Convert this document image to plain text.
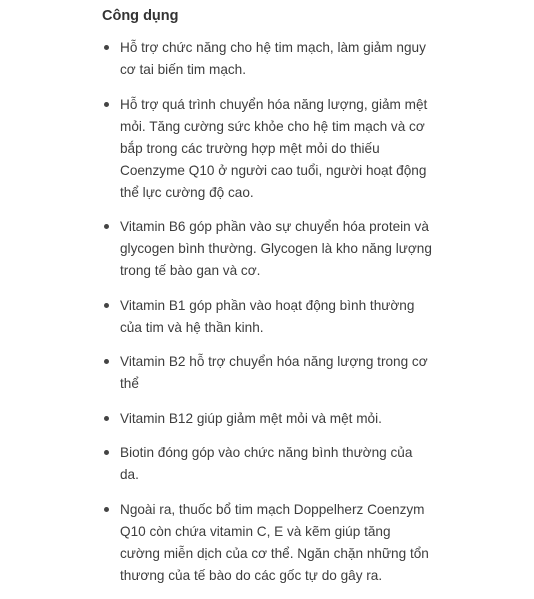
Công dụng
Hỗ trợ chức năng cho hệ tim mạch, làm giảm nguy cơ tai biến tim mạch.
Hỗ trợ quá trình chuyển hóa năng lượng, giảm mệt mỏi. Tăng cường sức khỏe cho hệ tim mạch và cơ bắp trong các trường hợp mệt mỏi do thiếu Coenzyme Q10 ở người cao tuổi, người hoạt động thể lực cường độ cao.
Vitamin B6 góp phần vào sự chuyển hóa protein và glycogen bình thường. Glycogen là kho năng lượng trong tế bào gan và cơ.
Vitamin B1 góp phần vào hoạt động bình thường của tim và hệ thần kinh.
Vitamin B2 hỗ trợ chuyển hóa năng lượng trong cơ thể
Vitamin B12 giúp giảm mệt mỏi và mệt mỏi.
Biotin đóng góp vào chức năng bình thường của da.
Ngoài ra, thuốc bổ tim mạch Doppelherz Coenzym Q10 còn chứa vitamin C, E và kẽm giúp tăng cường miễn dịch của cơ thể. Ngăn chặn những tổn thương của tế bào do các gốc tự do gây ra.
